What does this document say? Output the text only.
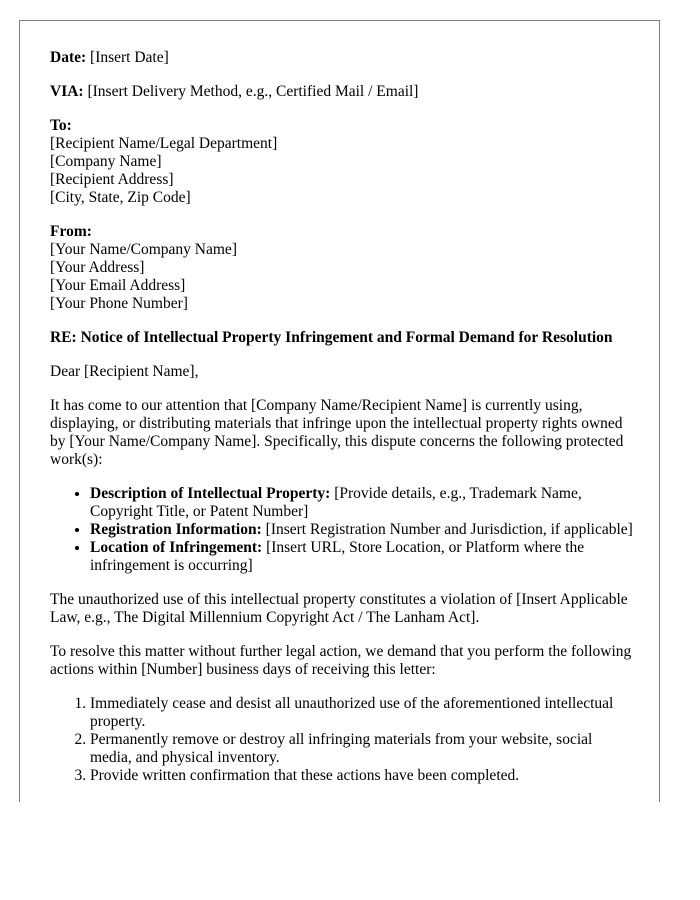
Date: [Insert Date]

VIA: [Insert Delivery Method, e.g., Certified Mail / Email]

To:
[Recipient Name/Legal Department]
[Company Name]
[Recipient Address]
[City, State, Zip Code]
From:
[Your Name/Company Name]
[Your Address]
[Your Email Address]
[Your Phone Number]

RE: Notice of Intellectual Property Infringement and Formal Demand for Resolution

Dear [Recipient Name],

It has come to our attention that [Company Name/Recipient Name] is currently using, displaying, or distributing materials that infringe upon the intellectual property rights owned by [Your Name/Company Name]. Specifically, this dispute concerns the following protected work(s):

• Description of Intellectual Property: [Provide details, e.g., Trademark Name, Copyright Title, or Patent Number]
• Registration Information: [Insert Registration Number and Jurisdiction, if applicable]
• Location of Infringement: [Insert URL, Store Location, or Platform where the infringement is occurring]

The unauthorized use of this intellectual property constitutes a violation of [Insert Applicable Law, e.g., The Digital Millennium Copyright Act / The Lanham Act].

To resolve this matter without further legal action, we demand that you perform the following actions within [Number] business days of receiving this letter:

1. Immediately cease and desist all unauthorized use of the aforementioned intellectual property.
2. Permanently remove or destroy all infringing materials from your website, social media, and physical inventory.
3. Provide written confirmation that these actions have been completed.
